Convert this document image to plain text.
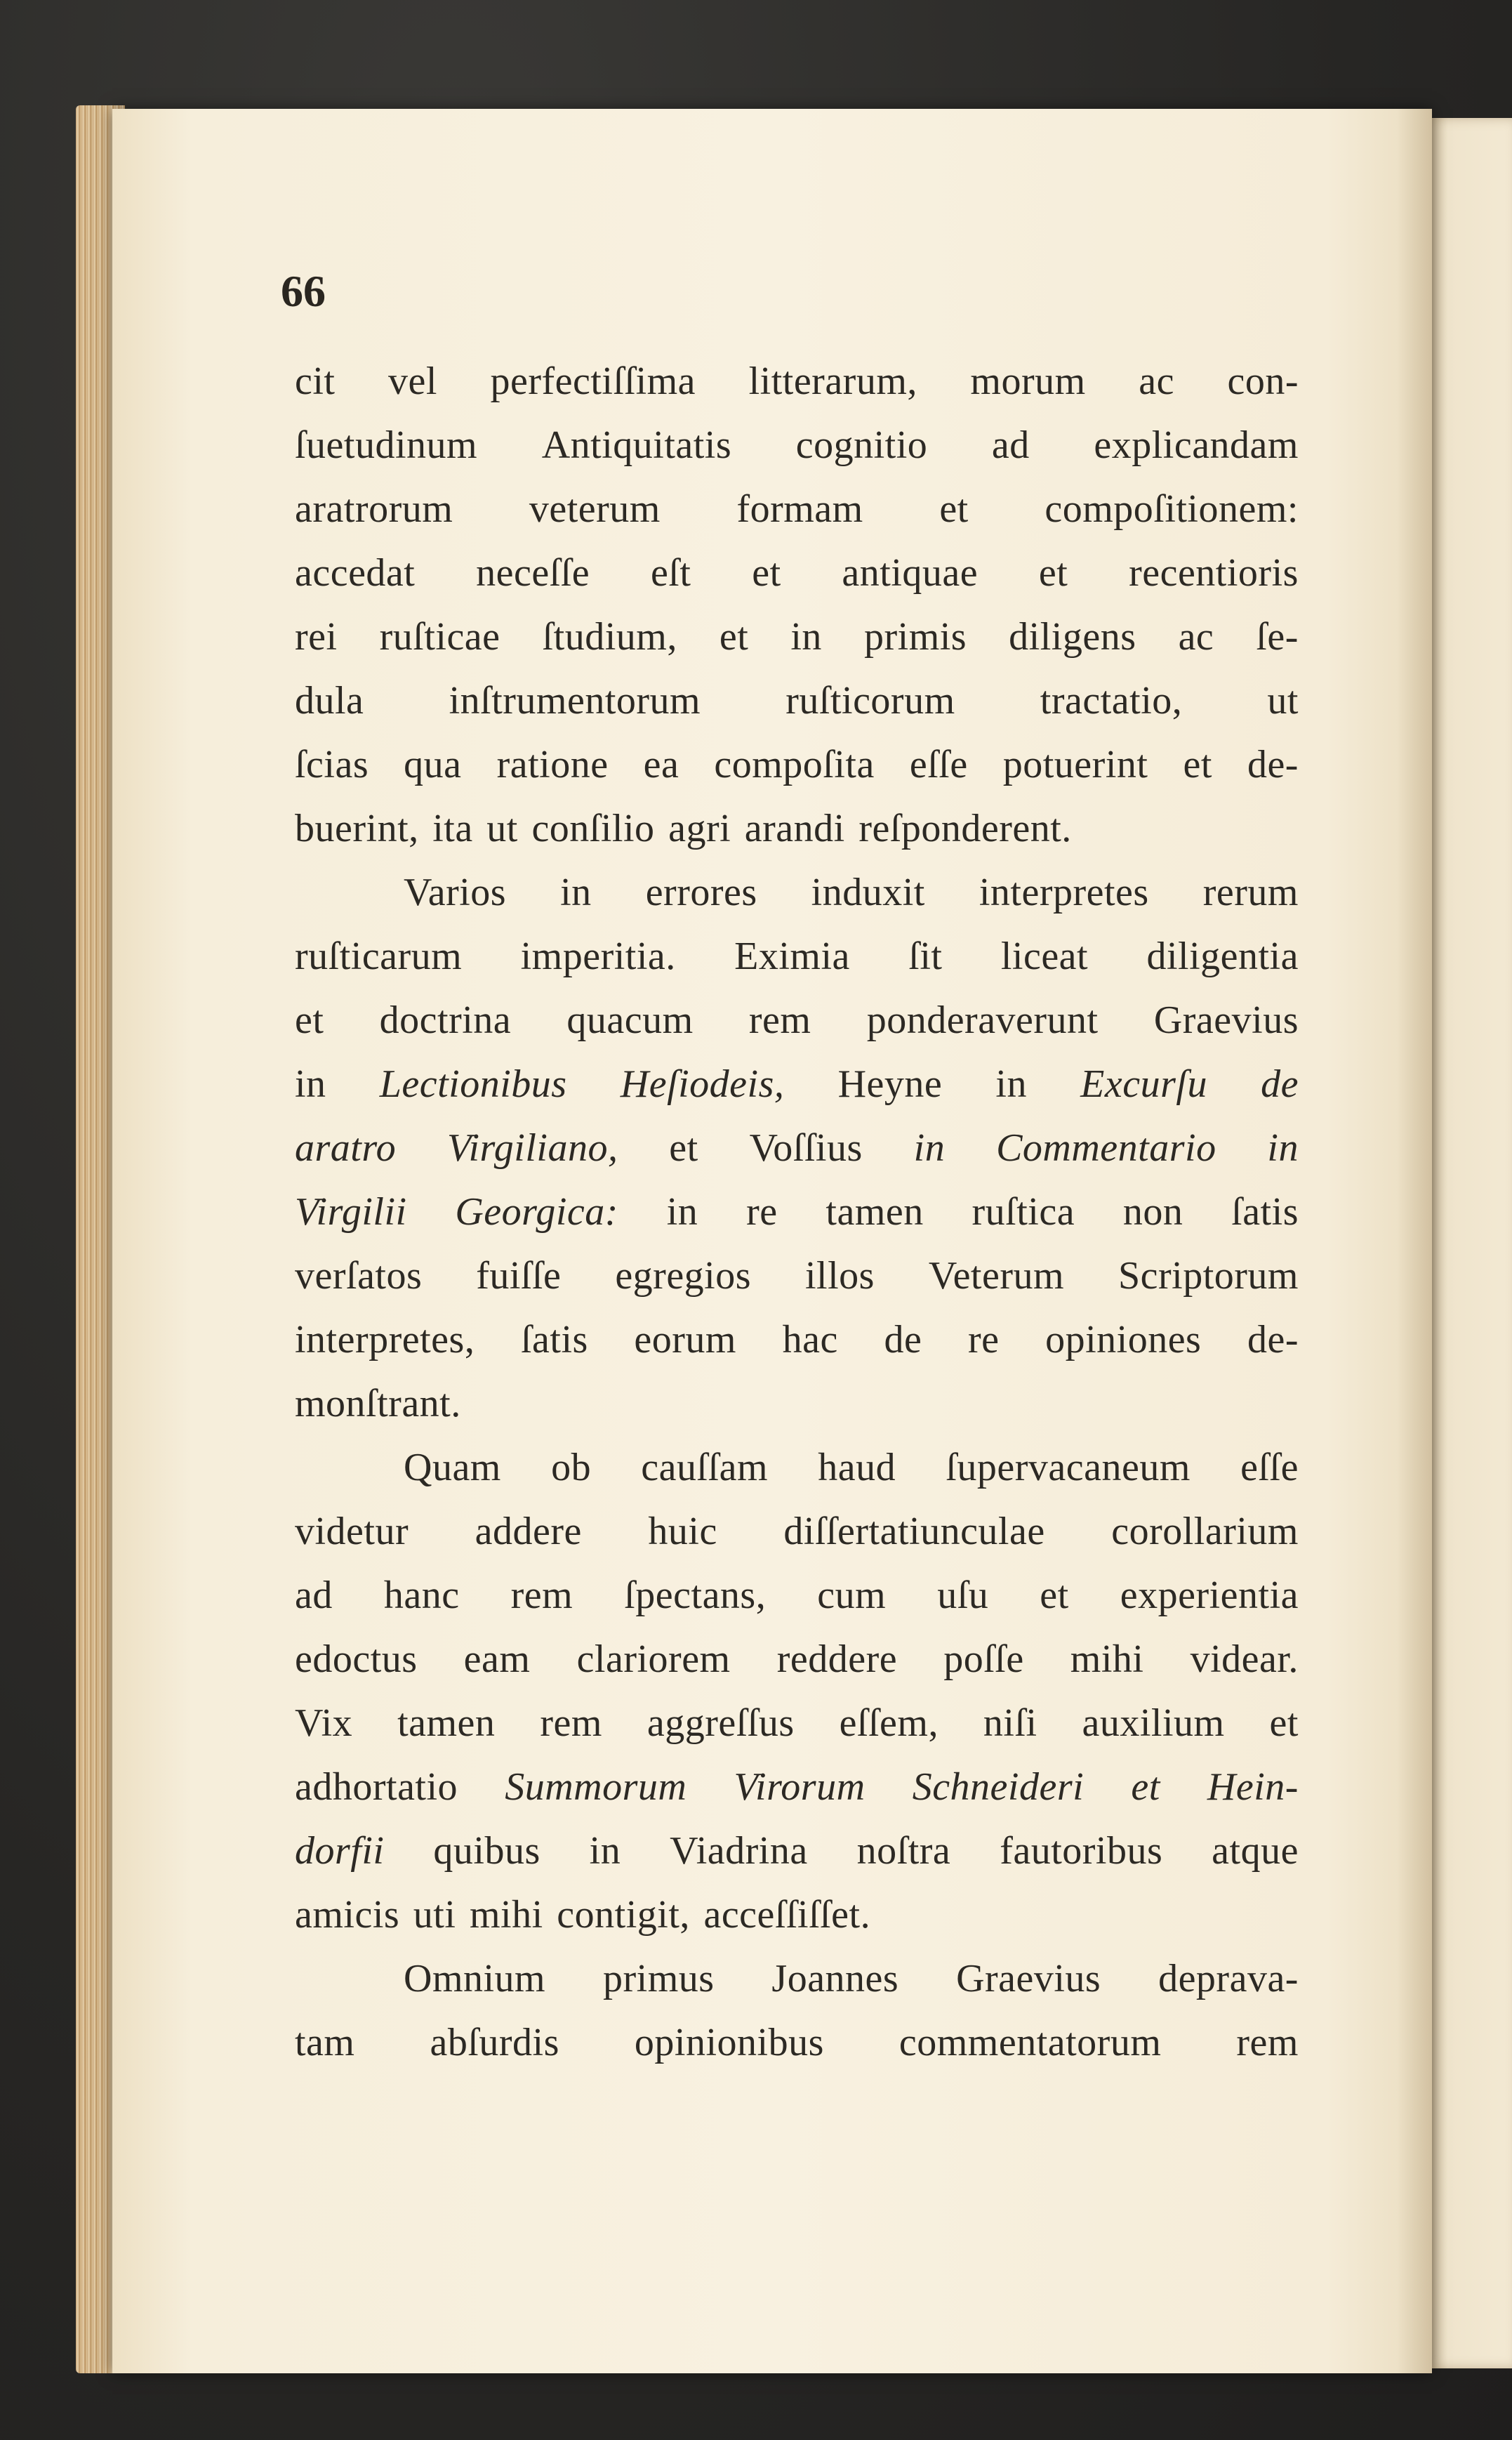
66
cit vel perfectiſſima litterarum, morum ac con-
ſuetudinum Antiquitatis cognitio ad explicandam
aratrorum veterum formam et compoſitionem:
accedat neceſſe eſt et antiquae et recentioris
rei ruſticae ſtudium, et in primis diligens ac ſe-
dula inſtrumentorum ruſticorum tractatio, ut
ſcias qua ratione ea compoſita eſſe potuerint et de-
buerint, ita ut conſilio agri arandi reſponderent.
Varios in errores induxit interpretes rerum
ruſticarum imperitia. Eximia ſit liceat diligentia
et doctrina quacum rem ponderaverunt Graevius
in Lectionibus Heſiodeis, Heyne in Excurſu de
aratro Virgiliano, et Voſſius in Commentario in
Virgilii Georgica: in re tamen ruſtica non ſatis
verſatos fuiſſe egregios illos Veterum Scriptorum
interpretes, ſatis eorum hac de re opiniones de-
monſtrant.
Quam ob cauſſam haud ſupervacaneum eſſe
videtur addere huic diſſertatiunculae corollarium
ad hanc rem ſpectans, cum uſu et experientia
edoctus eam clariorem reddere poſſe mihi videar.
Vix tamen rem aggreſſus eſſem, niſi auxilium et
adhortatio Summorum Virorum Schneideri et Hein-
dorfii quibus in Viadrina noſtra fautoribus atque
amicis uti mihi contigit, acceſſiſſet.
Omnium primus Joannes Graevius deprava-
tam abſurdis opinionibus commentatorum rem
